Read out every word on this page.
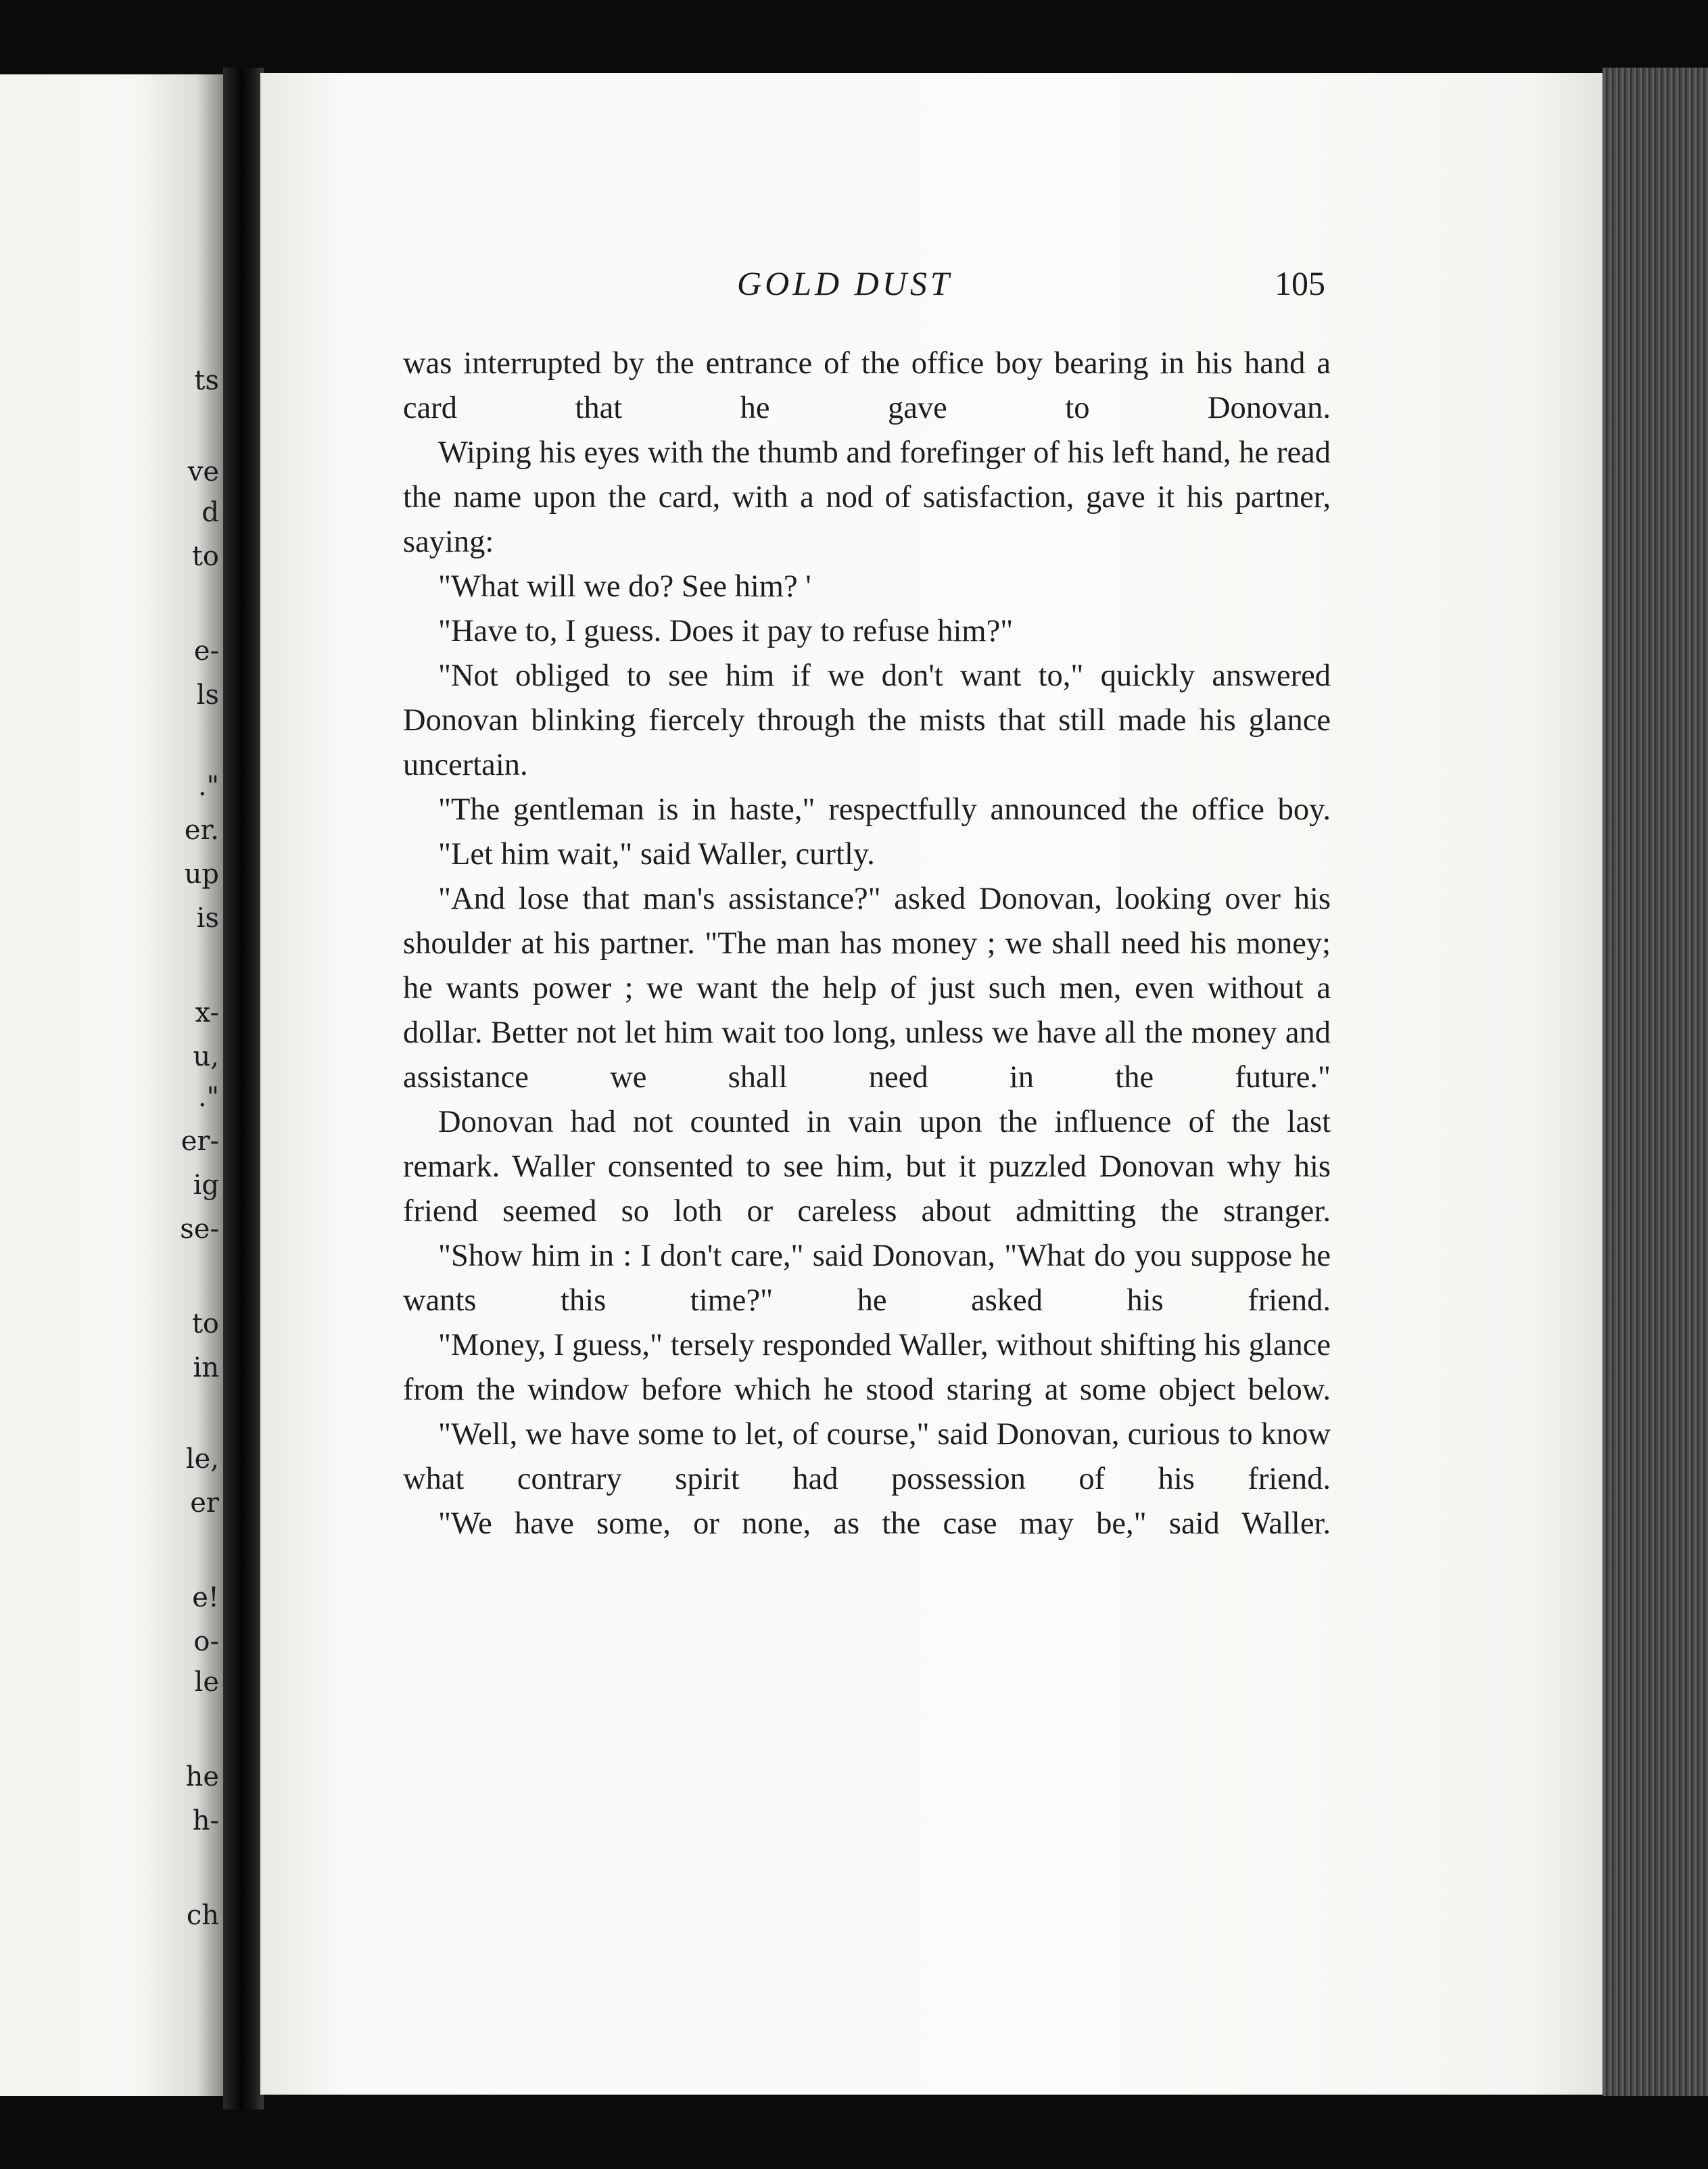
ts
ve
d
to
e-
ls
."
er.
up
is
x-
u,
."
er-
ig
se-
to
in
le,
er
e!
o-
le
he
h-
ch
GOLD DUST	105

was interrupted by the entrance of the office boy bearing in his hand a card that he gave to Donovan.

Wiping his eyes with the thumb and forefinger of his left hand, he read the name upon the card, with a nod of satisfaction, gave it his partner, saying:

"What will we do? See him? '

"Have to, I guess. Does it pay to refuse him?"

"Not obliged to see him if we don't want to," quickly answered Donovan blinking fiercely through the mists that still made his glance uncertain.

"The gentleman is in haste," respectfully announced the office boy.

"Let him wait," said Waller, curtly.

"And lose that man's assistance?" asked Donovan, looking over his shoulder at his partner. "The man has money ; we shall need his money; he wants power ; we want the help of just such men, even without a dollar. Better not let him wait too long, unless we have all the money and assistance we shall need in the future."

Donovan had not counted in vain upon the influence of the last remark. Waller consented to see him, but it puzzled Donovan why his friend seemed so loth or careless about admitting the stranger.

"Show him in : I don't care," said Donovan, "What do you suppose he wants this time?" he asked his friend.

"Money, I guess," tersely responded Waller, without shifting his glance from the window before which he stood staring at some object below.

"Well, we have some to let, of course," said Donovan, curious to know what contrary spirit had possession of his friend.

"We have some, or none, as the case may be," said Waller.
